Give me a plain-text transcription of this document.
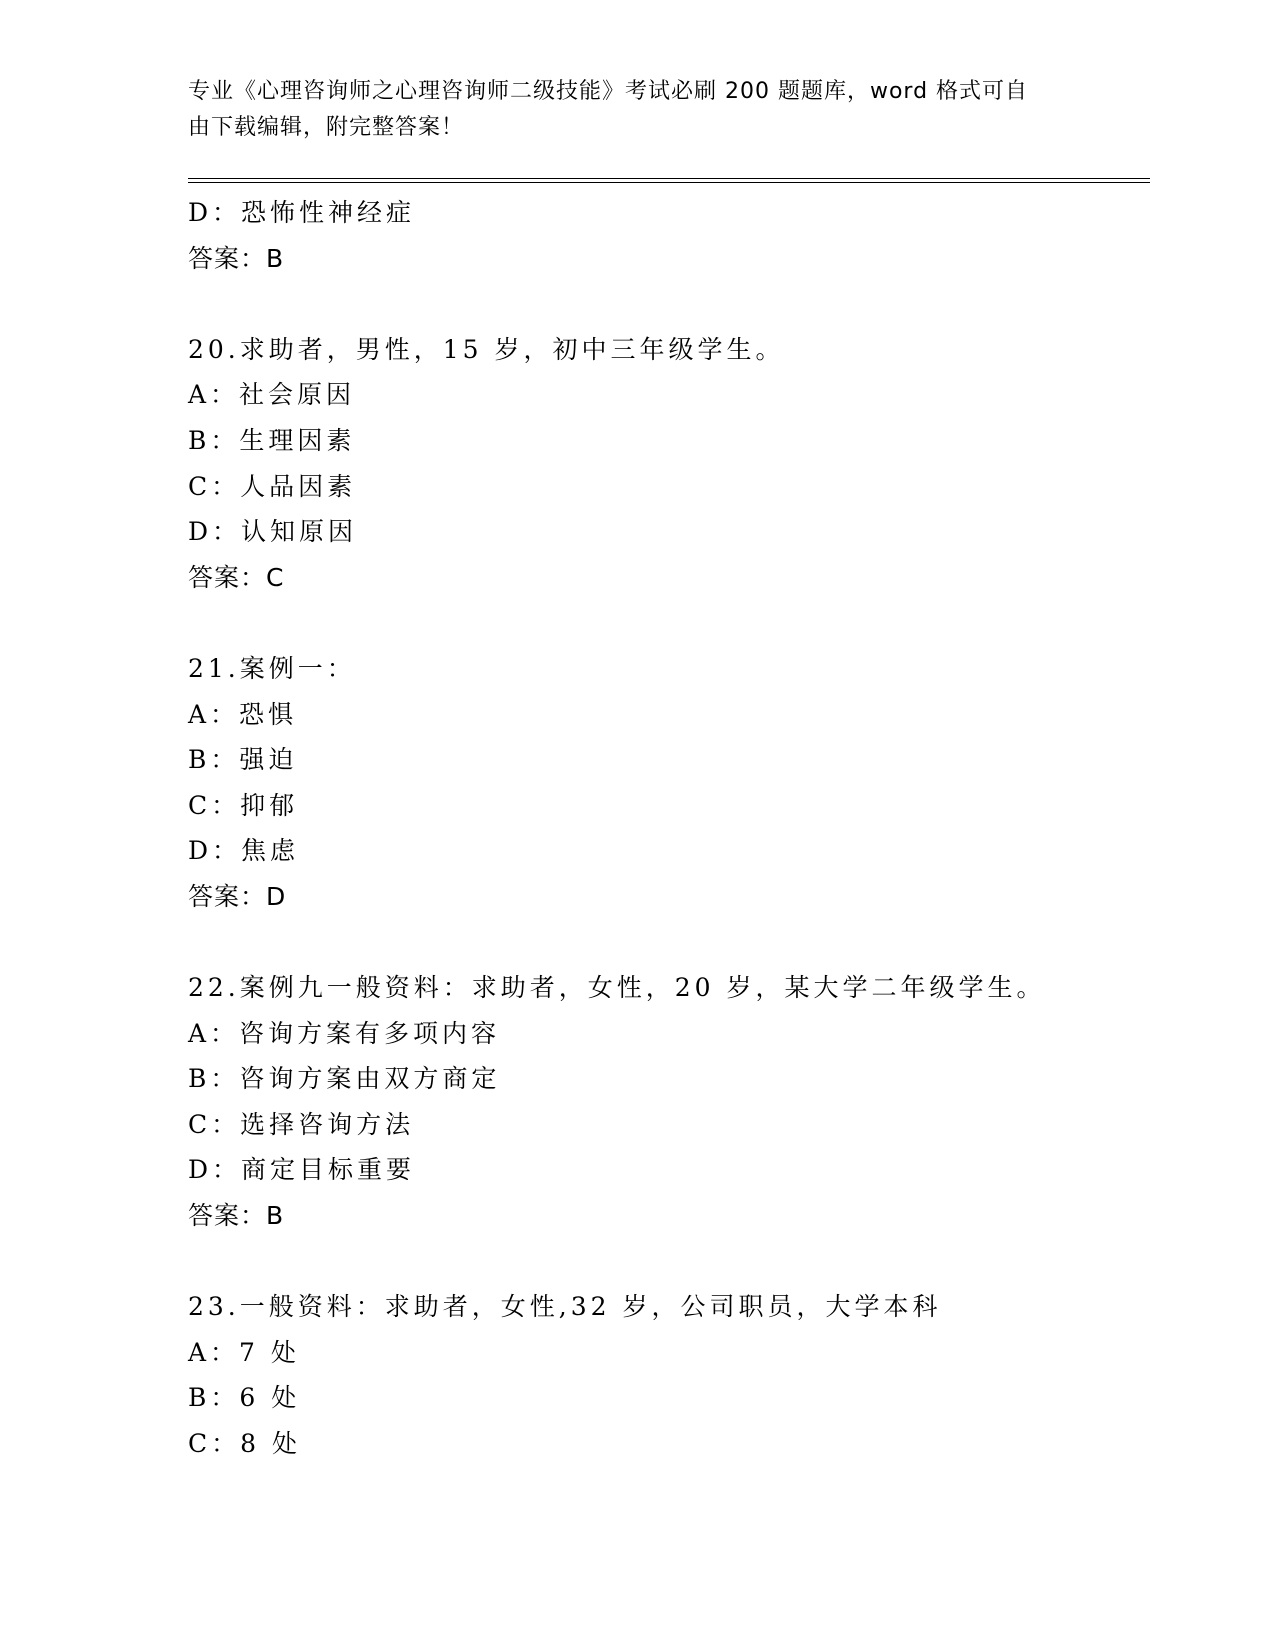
专业《心理咨询师之心理咨询师二级技能》考试必刷 200 题题库，word 格式可自
由下载编辑，附完整答案！
D：恐怖性神经症
答案：B
20.求助者，男性，15 岁，初中三年级学生。
A：社会原因
B：生理因素
C：人品因素
D：认知原因
答案：C
21.案例一：
A：恐惧
B：强迫
C：抑郁
D：焦虑
答案：D
22.案例九一般资料：求助者，女性，20 岁，某大学二年级学生。
A：咨询方案有多项内容
B：咨询方案由双方商定
C：选择咨询方法
D：商定目标重要
答案：B
23.一般资料：求助者，女性,32 岁，公司职员，大学本科
A：7 处
B：6 处
C：8 处
